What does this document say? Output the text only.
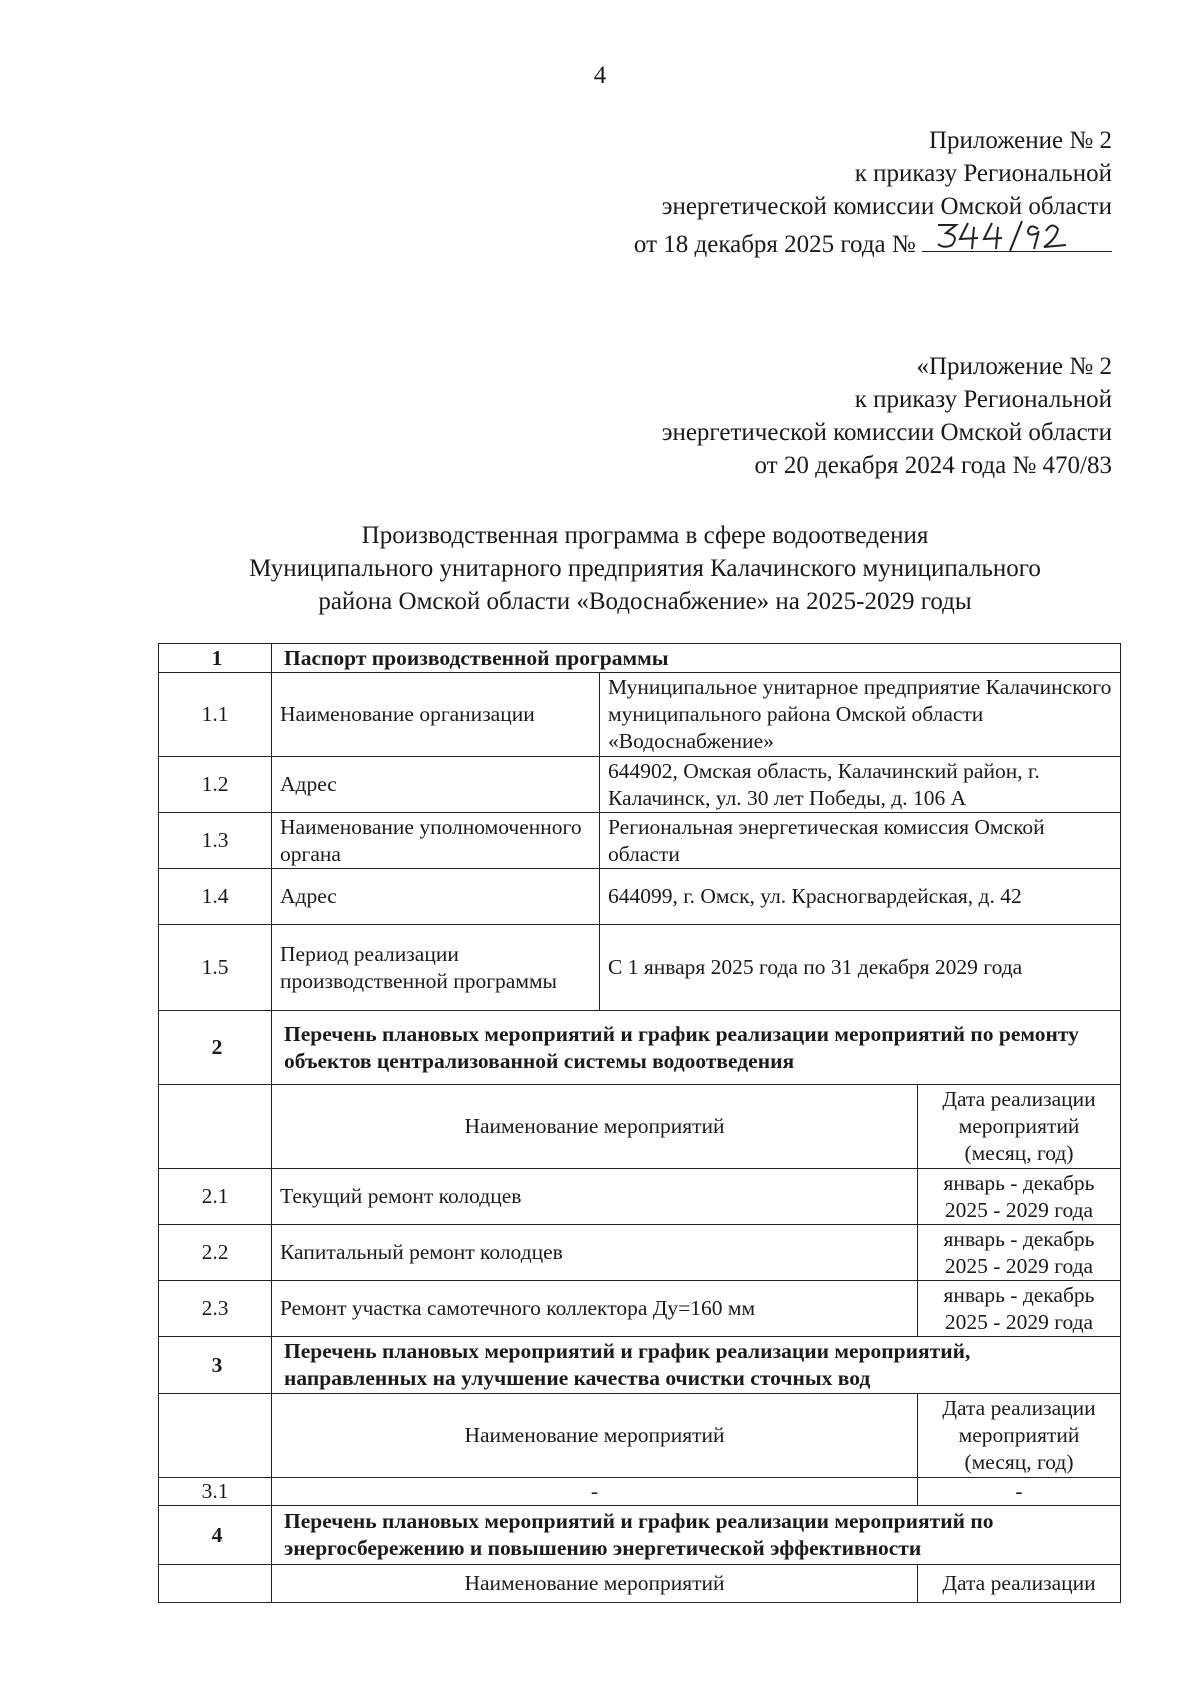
4
Приложение № 2
к приказу Региональной
энергетической комиссии Омской области
от 18 декабря 2025 года №
«Приложение № 2
к приказу Региональной
энергетической комиссии Омской области
от 20 декабря 2024 года № 470/83
Производственная программа в сфере водоотведения
Муниципального унитарного предприятия Калачинского муниципального
района Омской области «Водоснабжение» на 2025-2029 годы
1	Паспорт производственной программы		
1.1	Наименование организации	Муниципальное унитарное предприятие Калачинского муниципального района Омской области «Водоснабжение»	
1.2	Адрес	644902, Омская область, Калачинский район, г. Калачинск, ул. 30 лет Победы, д. 106 А	
1.3	Наименование уполномоченного органа	Региональная энергетическая комиссия Омской области	
1.4	Адрес	644099, г. Омск, ул. Красногвардейская, д. 42	
1.5	Период реализации производственной программы	С 1 января 2025 года по 31 декабря 2029 года	
2	Перечень плановых мероприятий и график реализации мероприятий по ремонту объектов централизованной системы водоотведения		
	Наименование мероприятий		Дата реализации мероприятий (месяц, год)
2.1	Текущий ремонт колодцев		январь - декабрь 2025 - 2029 года
2.2	Капитальный ремонт колодцев		январь - декабрь 2025 - 2029 года
2.3	Ремонт участка самотечного коллектора Ду=160 мм		январь - декабрь 2025 - 2029 года
3	Перечень плановых мероприятий и график реализации мероприятий, направленных на улучшение качества очистки сточных вод		
	Наименование мероприятий		Дата реализации мероприятий (месяц, год)
3.1	-		-
4	Перечень плановых мероприятий и график реализации мероприятий по энергосбережению и повышению энергетической эффективности		
	Наименование мероприятий		Дата реализации
